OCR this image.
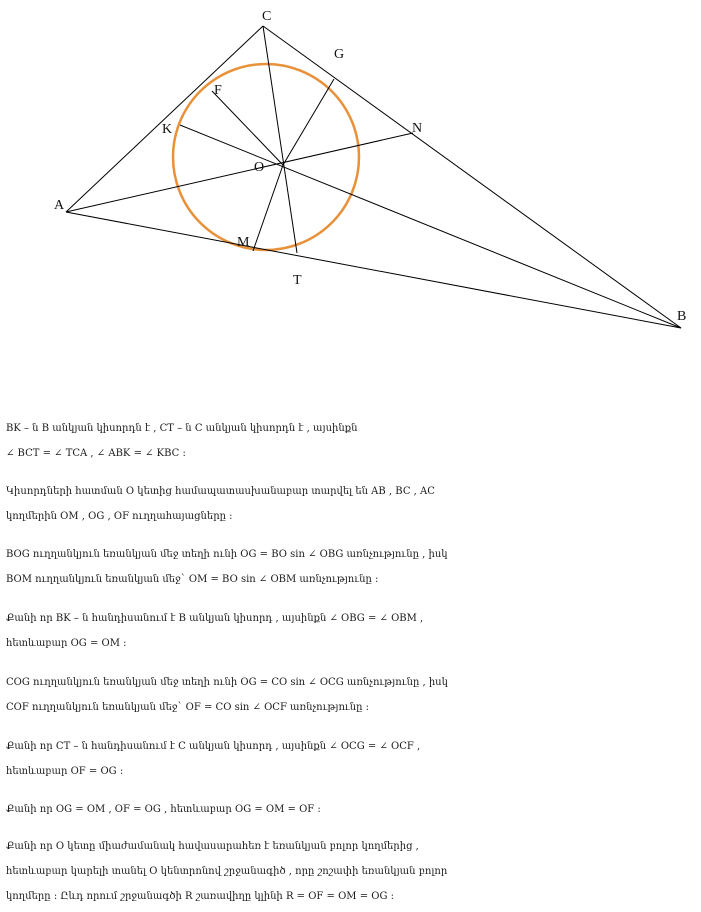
C
G
F
K	N
O
A
M
T
B
BK – ն B անկյան կիսորդն է , CT – ն C անկյան կիսորդն է , այսինքն
∠ BCT = ∠ TCA , ∠ ABK = ∠ KBC :
Կիսորդների հատման O կետից համապատասխանաբար տարվել են AB , BC , AC
կողմերին OM , OG , OF ուղղահայացները :
BOG ուղղանկյուն եռանկյան մեջ տեղի ունի OG = BO sin ∠ OBG առնչությունը , իսկ
BOM ուղղանկյուն եռանկյան մեջ` OM = BO sin ∠ OBM առնչությունը :
Քանի որ BK – ն հանդիսանում է B անկյան կիսորդ , այսինքն ∠ OBG = ∠ OBM ,
հետևաբար OG = OM :
COG ուղղանկյուն եռանկյան մեջ տեղի ունի OG = CO sin ∠ OCG առնչությունը , իսկ
COF ուղղանկյուն եռանկյան մեջ` OF = CO sin ∠ OCF առնչությունը :
Քանի որ CT – ն հանդիսանում է C անկյան կիսորդ , այսինքն ∠ OCG = ∠ OCF ,
հետևաբար OF = OG :
Քանի որ OG = OM , OF = OG , հետևաբար OG = OM = OF :
Քանի որ O կետը միաժամանակ հավասարահեռ է եռանկյան բոլոր կողմերից ,
հետևաբար կարելի տանել O կենտրոնով շրջանագիծ , որը շոշափի եռանկյան բոլոր
կողմերը : Ըևդ որում շրջանագծի R շառավիղը կլինի R = OF = OM = OG :
